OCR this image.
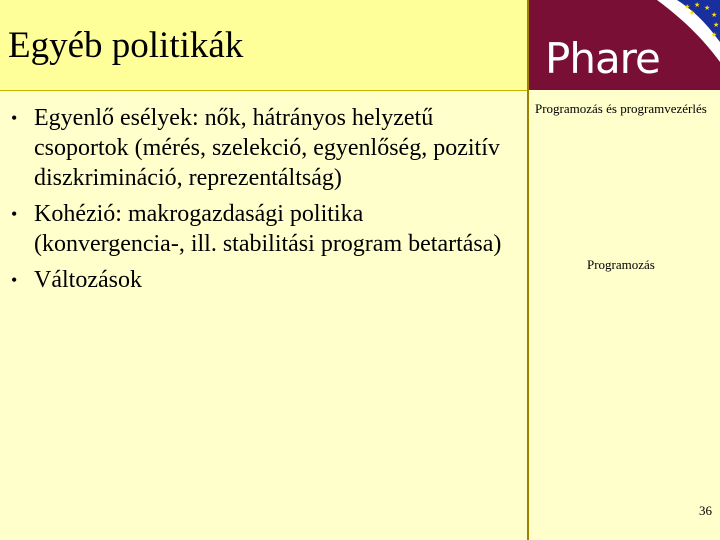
Egyéb politikák
• Egyenlő esélyek: nők, hátrányos helyzetű csoportok (mérés, szelekció, egyenlőség, pozitív diszkrimináció, reprezentáltság)
• Kohézió: makrogazdasági politika (konvergencia-, ill. stabilitási program betartása)
• Változások
★ ★ ★
★
★
★
★
Phare
Programozás és programvezérlés
Programozás
36
